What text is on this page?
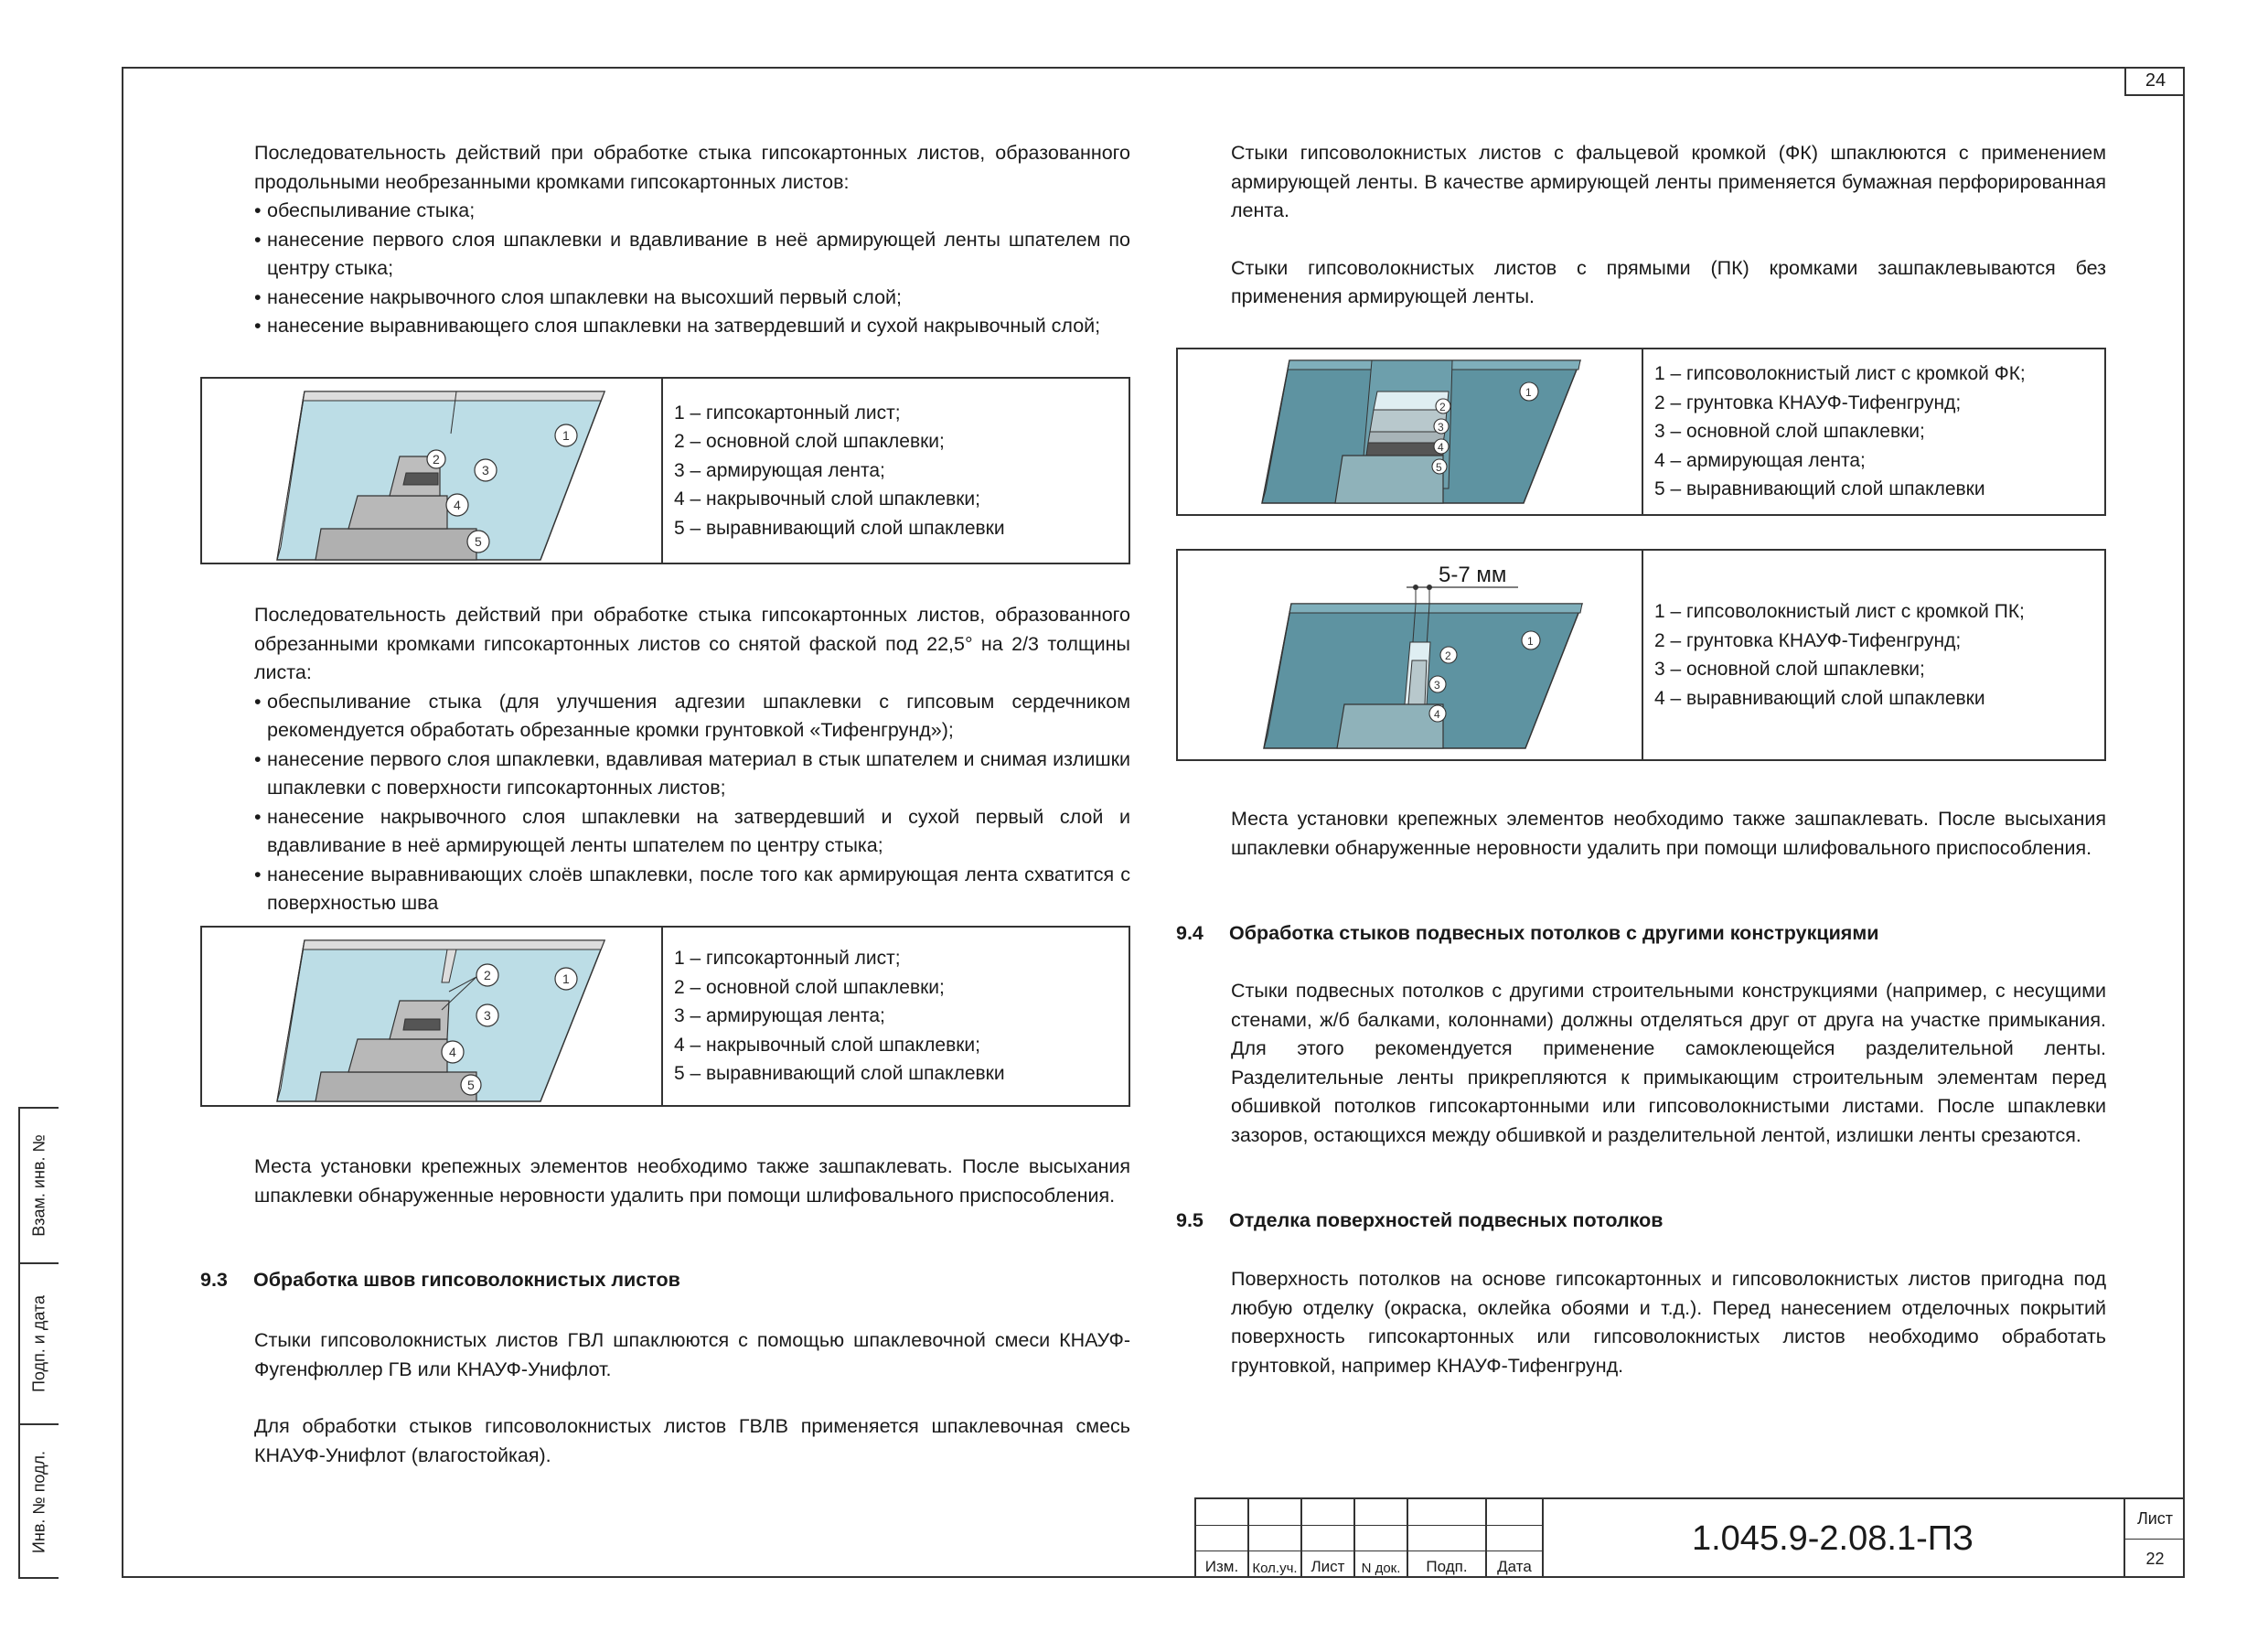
24

Последовательность действий при обработке стыка гипсокартонных листов, образованного продольными необрезанными кромками гипсокартонных листов:

• обеспыливание стыка;
• нанесение первого слоя шпаклевки и вдавливание в неё армирующей ленты шпателем по центру стыка;
• нанесение накрывочного слоя шпаклевки на высохший первый слой;
• нанесение выравнивающего слоя шпаклевки на затвердевший и сухой накрывочный слой;
1
2
3
4
5
1 – гипсокартонный лист;
2 – основной слой шпаклевки;
3 – армирующая лента;
4 – накрывочный слой шпаклевки;
5 – выравнивающий слой шпаклевки

Последовательность действий при обработке стыка гипсокартонных листов, образованного обрезанными кромками гипсокартонных листов со снятой фаской под 22,5° на 2/3 толщины листа:

• обеспыливание стыка (для улучшения адгезии шпаклевки с гипсовым сердечником рекомендуется обработать обрезанные кромки грунтовкой «Тифенгрунд»);
• нанесение первого слоя шпаклевки, вдавливая материал в стык шпателем и снимая излишки шпаклевки с поверхности гипсокартонных листов;
• нанесение накрывочного слоя шпаклевки на затвердевший и сухой первый слой и вдавливание в неё армирующей ленты шпателем по центру стыка;
• нанесение выравнивающих слоёв шпаклевки, после того как армирующая лента схватится с поверхностью шва
1
2
3
4
5
1 – гипсокартонный лист;
2 – основной слой шпаклевки;
3 – армирующая лента;
4 – накрывочный слой шпаклевки;
5 – выравнивающий слой шпаклевки

Места установки крепежных элементов необходимо также зашпаклевать. После высыхания шпаклевки обнаруженные неровности удалить при помощи шлифовального приспособления.

9.3 Обработка швов гипсоволокнистых листов

Стыки гипсоволокнистых листов ГВЛ шпаклюются с помощью шпаклевочной смеси КНАУФ-Фугенфюллер ГВ или КНАУФ-Унифлот.

Для обработки стыков гипсоволокнистых листов ГВЛВ применяется шпаклевочная смесь КНАУФ-Унифлот (влагостойкая).

Стыки гипсоволокнистых листов с фальцевой кромкой (ФК) шпаклюются с применением армирующей ленты. В качестве армирующей ленты применяется бумажная перфорированная лента.

Стыки гипсоволокнистых листов с прямыми (ПК) кромками зашпаклевываются без применения армирующей ленты.

1
2
3
4
5
1 – гипсоволокнистый лист с кромкой ФК;
2 – грунтовка КНАУФ-Тифенгрунд;
3 – основной слой шпаклевки;
4 – армирующая лента;
5 – выравнивающий слой шпаклевки
5-7 мм
1
2
3
4
1 – гипсоволокнистый лист с кромкой ПК;
2 – грунтовка КНАУФ-Тифенгрунд;
3 – основной слой шпаклевки;
4 – выравнивающий слой шпаклевки

Места установки крепежных элементов необходимо также зашпаклевать. После высыхания шпаклевки обнаруженные неровности удалить при помощи шлифовального приспособления.

9.4 Обработка стыков подвесных потолков с другими конструкциями

Стыки подвесных потолков с другими строительными конструкциями (например, с несущими стенами, ж/б балками, колоннами) должны отделяться друг от друга на участке примыкания. Для этого рекомендуется применение самоклеющейся разделительной ленты. Разделительные ленты прикрепляются к примыкающим строительным элементам перед обшивкой потолков гипсокартонными или гипсоволокнистыми листами. После шпаклевки зазоров, остающихся между обшивкой и разделительной лентой, излишки ленты срезаются.

9.5 Отделка поверхностей подвесных потолков

Поверхность потолков на основе гипсокартонных и гипсоволокнистых листов пригодна под любую отделку (окраска, оклейка обоями и т.д.). Перед нанесением отделочных покрытий поверхность гипсокартонных или гипсоволокнистых листов необходимо обработать грунтовкой, например КНАУФ-Тифенгрунд.

Взам. инв. №
Подп. и дата
Инв. № подл.
Изм.	Кол.уч. Лист	N док.	Подп.	Дата
1.045.9-2.08.1-ПЗ
Лист
22
